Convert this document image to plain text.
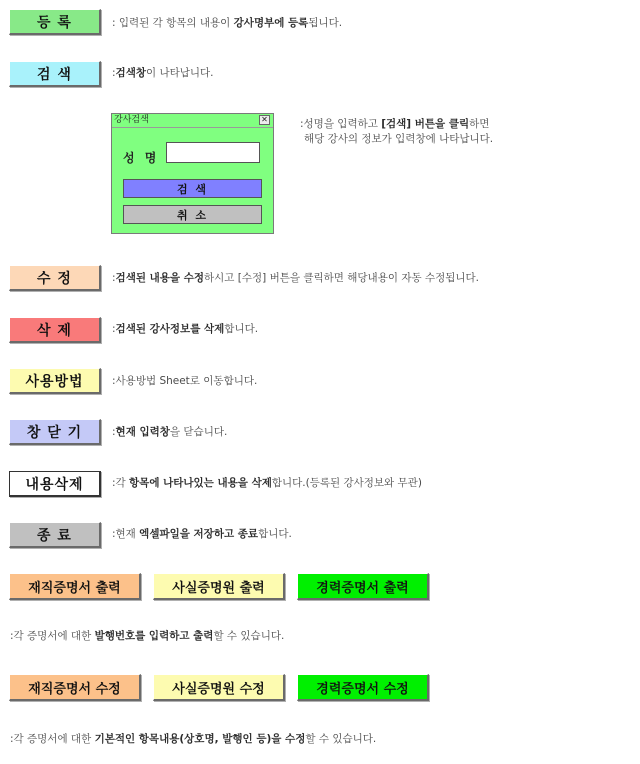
등 록	: 입력된 각 항목의 내용이 강사명부에 등록됩니다.
검 색	:검색창이 나타납니다.
강사검색	✕
성 명
검 색
취 소
:성명을 입력하고 [검색] 버튼을 클릭하면
해당 강사의 정보가 입력창에 나타납니다.
수 정	:검색된 내용을 수정하시고 [수정] 버튼을 클릭하면 해당내용이 자동 수정됩니다.
삭 제	:검색된 강사정보를 삭제합니다.
사용방법	:사용방법 Sheet로 이동합니다.
창 닫 기	:현재 입력창을 닫습니다.
내용삭제	:각 항목에 나타나있는 내용을 삭제합니다.(등록된 강사정보와 무관)
종 료	:현재 엑셀파일을 저장하고 종료합니다.
재직증명서 출력	사실증명원 출력	경력증명서 출력
:각 증명서에 대한 발행번호를 입력하고 출력할 수 있습니다.
재직증명서 수정	사실증명원 수정	경력증명서 수정
:각 증명서에 대한 기본적인 항목내용(상호명, 발행인 등)을 수정할 수 있습니다.
